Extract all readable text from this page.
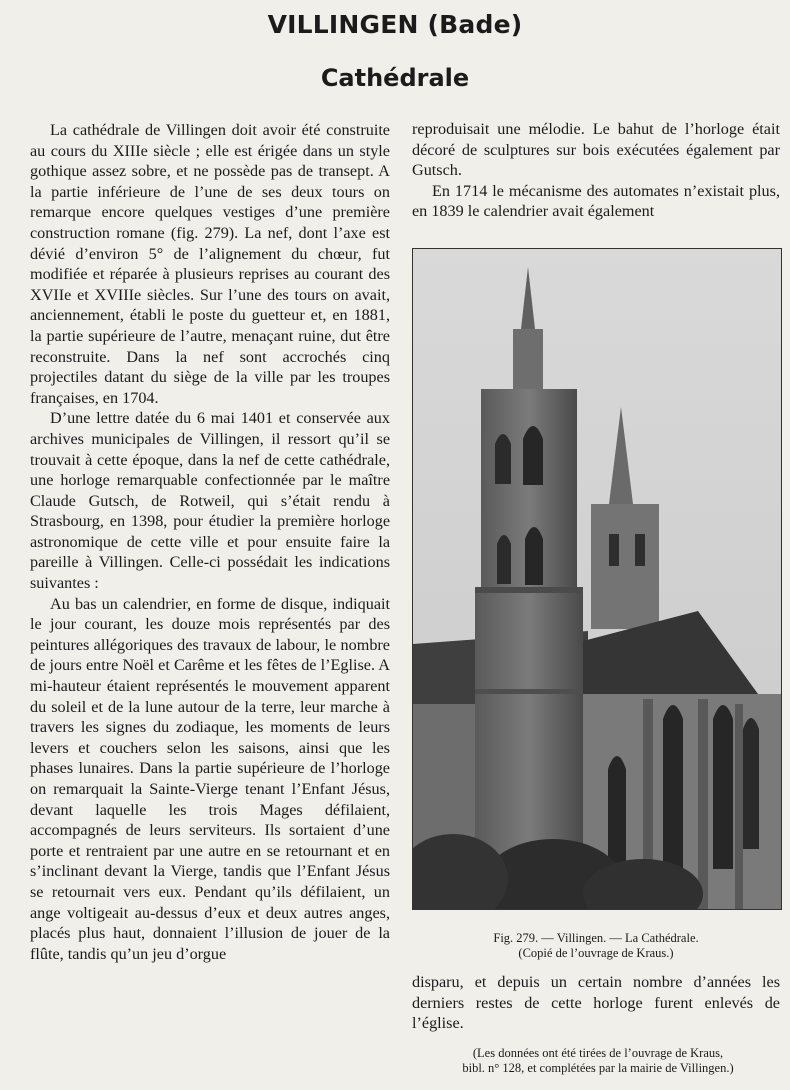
VILLINGEN (Bade)
Cathédrale

La cathédrale de Villingen doit avoir été construite au cours du XIIIe siècle ; elle est érigée dans un style gothique assez sobre, et ne possède pas de transept. A la partie inférieure de l’une de ses deux tours on remarque encore quelques vestiges d’une première construction romane (fig. 279). La nef, dont l’axe est dévié d’environ 5° de l’alignement du chœur, fut modifiée et réparée à plusieurs reprises au courant des XVIIe et XVIIIe siècles. Sur l’une des tours on avait, anciennement, établi le poste du guetteur et, en 1881, la partie supérieure de l’autre, menaçant ruine, dut être reconstruite. Dans la nef sont accrochés cinq projectiles datant du siège de la ville par les troupes françaises, en 1704.

D’une lettre datée du 6 mai 1401 et conservée aux archives municipales de Villingen, il ressort qu’il se trouvait à cette époque, dans la nef de cette cathédrale, une horloge remarquable confectionnée par le maître Claude Gutsch, de Rotweil, qui s’était rendu à Strasbourg, en 1398, pour étudier la première horloge astronomique de cette ville et pour ensuite faire la pareille à Villingen. Celle-ci possédait les indications suivantes :

Au bas un calendrier, en forme de disque, indiquait le jour courant, les douze mois représentés par des peintures allégoriques des travaux de labour, le nombre de jours entre Noël et Carême et les fêtes de l’Eglise. A mi-hauteur étaient représentés le mouvement apparent du soleil et de la lune autour de la terre, leur marche à travers les signes du zodiaque, les moments de leurs levers et couchers selon les saisons, ainsi que les phases lunaires. Dans la partie supérieure de l’horloge on remarquait la Sainte-Vierge tenant l’Enfant Jésus, devant laquelle les trois Mages défilaient, accompagnés de leurs serviteurs. Ils sortaient d’une porte et rentraient par une autre en se retournant et en s’inclinant devant la Vierge, tandis que l’Enfant Jésus se retournait vers eux. Pendant qu’ils défilaient, un ange voltigeait au-dessus d’eux et deux autres anges, placés plus haut, donnaient l’illusion de jouer de la flûte, tandis qu’un jeu d’orgue

reproduisait une mélodie. Le bahut de l’horloge était décoré de sculptures sur bois exécutées également par Gutsch.

En 1714 le mécanisme des automates n’existait plus, en 1839 le calendrier avait également

Fig. 279. — Villingen. — La Cathédrale.
(Copié de l’ouvrage de Kraus.)

disparu, et depuis un certain nombre d’années les derniers restes de cette horloge furent enlevés de l’église.

(Les données ont été tirées de l’ouvrage de Kraus,
bibl. n° 128, et complétées par la mairie de Villingen.)
